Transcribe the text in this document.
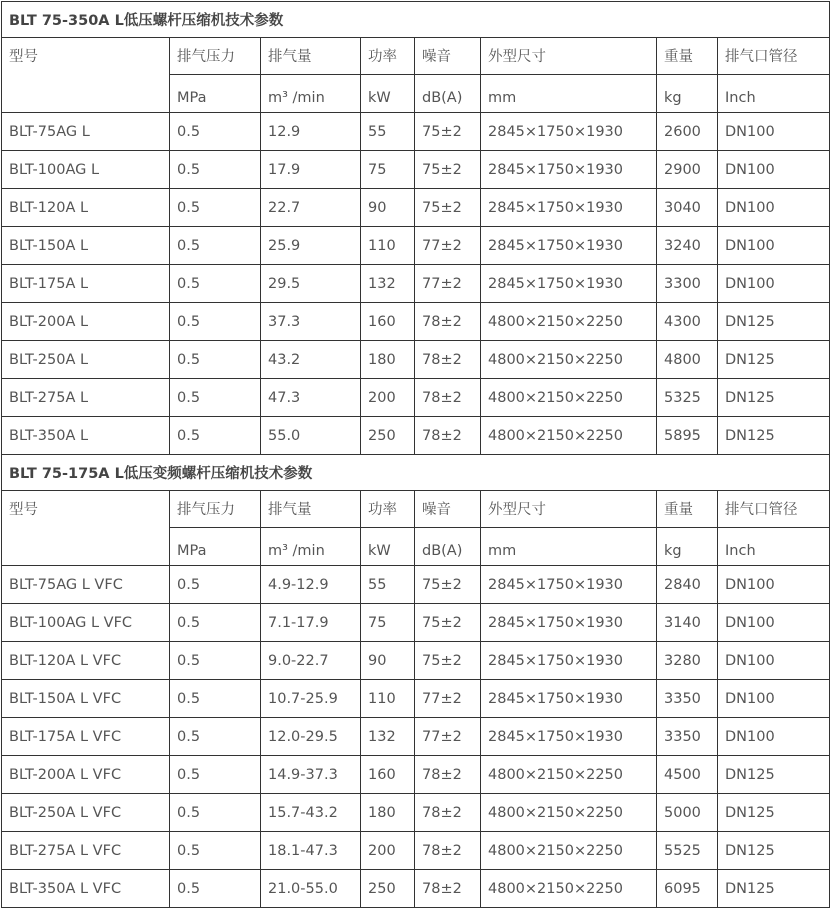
BLT 75-350A L低压螺杆压缩机技术参数							
型号	排气压力	排气量	功率	噪音	外型尺寸	重量	排气口管径
	MPa	m³ /min	kW	dB(A)	mm	kg	Inch
BLT-75AG L	0.5	12.9	55	75±2	2845×1750×1930	2600	DN100
BLT-100AG L	0.5	17.9	75	75±2	2845×1750×1930	2900	DN100
BLT-120A L	0.5	22.7	90	75±2	2845×1750×1930	3040	DN100
BLT-150A L	0.5	25.9	110	77±2	2845×1750×1930	3240	DN100
BLT-175A L	0.5	29.5	132	77±2	2845×1750×1930	3300	DN100
BLT-200A L	0.5	37.3	160	78±2	4800×2150×2250	4300	DN125
BLT-250A L	0.5	43.2	180	78±2	4800×2150×2250	4800	DN125
BLT-275A L	0.5	47.3	200	78±2	4800×2150×2250	5325	DN125
BLT-350A L	0.5	55.0	250	78±2	4800×2150×2250	5895	DN125
BLT 75-175A L低压变频螺杆压缩机技术参数							
型号	排气压力	排气量	功率	噪音	外型尺寸	重量	排气口管径
	MPa	m³ /min	kW	dB(A)	mm	kg	Inch
BLT-75AG L VFC	0.5	4.9-12.9	55	75±2	2845×1750×1930	2840	DN100
BLT-100AG L VFC	0.5	7.1-17.9	75	75±2	2845×1750×1930	3140	DN100
BLT-120A L VFC	0.5	9.0-22.7	90	75±2	2845×1750×1930	3280	DN100
BLT-150A L VFC	0.5	10.7-25.9	110	77±2	2845×1750×1930	3350	DN100
BLT-175A L VFC	0.5	12.0-29.5	132	77±2	2845×1750×1930	3350	DN100
BLT-200A L VFC	0.5	14.9-37.3	160	78±2	4800×2150×2250	4500	DN125
BLT-250A L VFC	0.5	15.7-43.2	180	78±2	4800×2150×2250	5000	DN125
BLT-275A L VFC	0.5	18.1-47.3	200	78±2	4800×2150×2250	5525	DN125
BLT-350A L VFC	0.5	21.0-55.0	250	78±2	4800×2150×2250	6095	DN125
